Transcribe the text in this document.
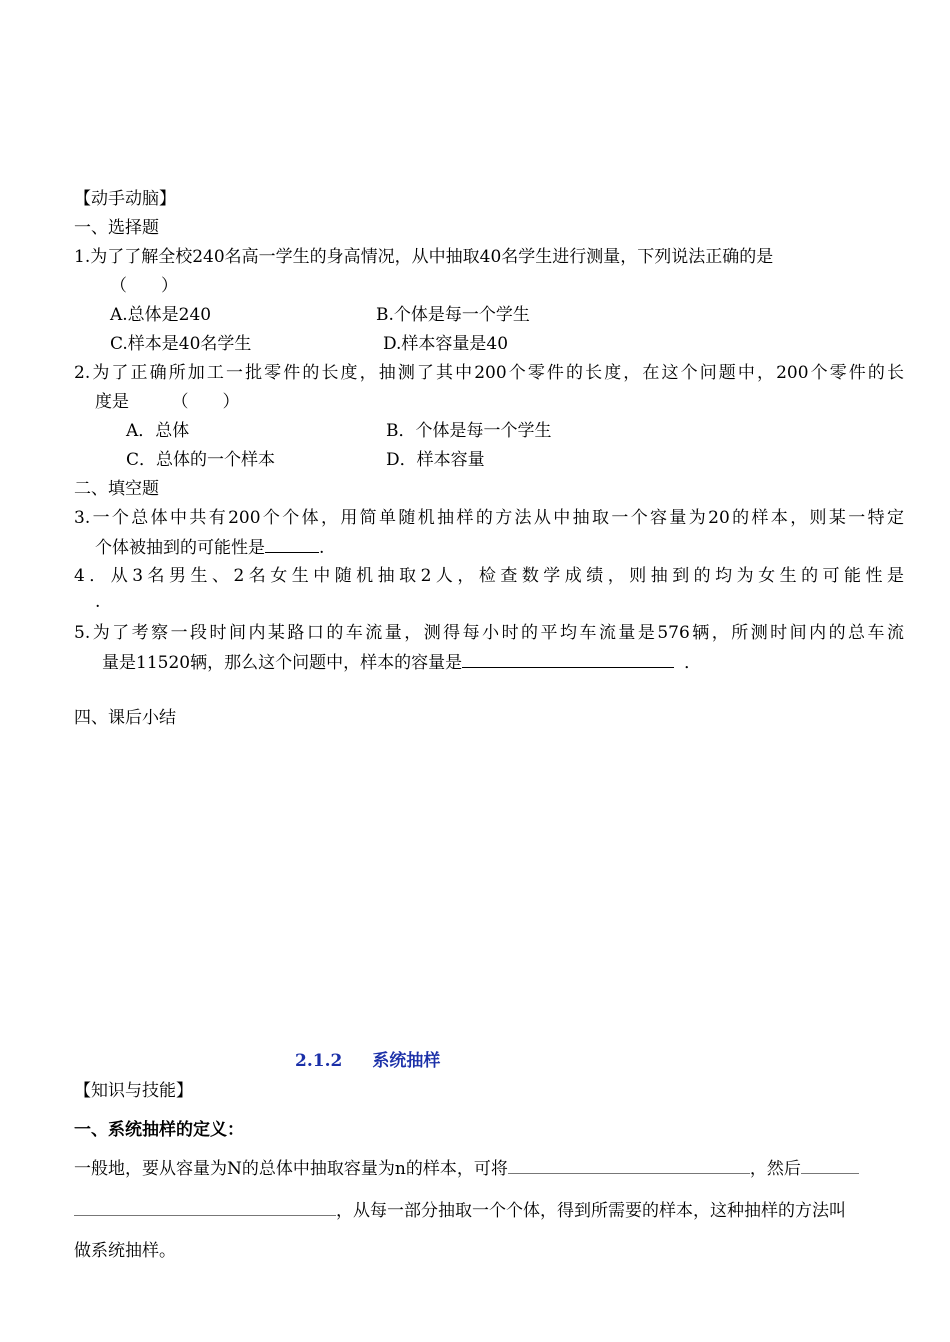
【动手动脑】
一、选择题
1.为了了解全校240名高一学生的身高情况，从中抽取40名学生进行测量，下列说法正确的是
（　　）
A.总体是240	B.个体是每一个学生
C.样本是40名学生	D.样本容量是40
2.为了正确所加工一批零件的长度，抽测了其中200个零件的长度，在这个问题中，200个零件的长
度是　　　（　　）
A．总体	B．个体是每一个学生
C．总体的一个样本	D．样本容量
二、填空题
3.一个总体中共有200个个体，用简单随机抽样的方法从中抽取一个容量为20的样本，则某一特定
个体被抽到的可能性是	.
4．从3名男生、2名女生中随机抽取2人，检查数学成绩，则抽到的均为女生的可能性是
.
5.为了考察一段时间内某路口的车流量，测得每小时的平均车流量是576辆，所测时间内的总车流
量是11520辆，那么这个问题中，样本的容量是	．
四、课后小结
2.1.2 系统抽样
【知识与技能】
一、系统抽样的定义：
一般地，要从容量为N的总体中抽取容量为n的样本，可将	，然后
，从每一部分抽取一个个体，得到所需要的样本，这种抽样的方法叫
做系统抽样。
